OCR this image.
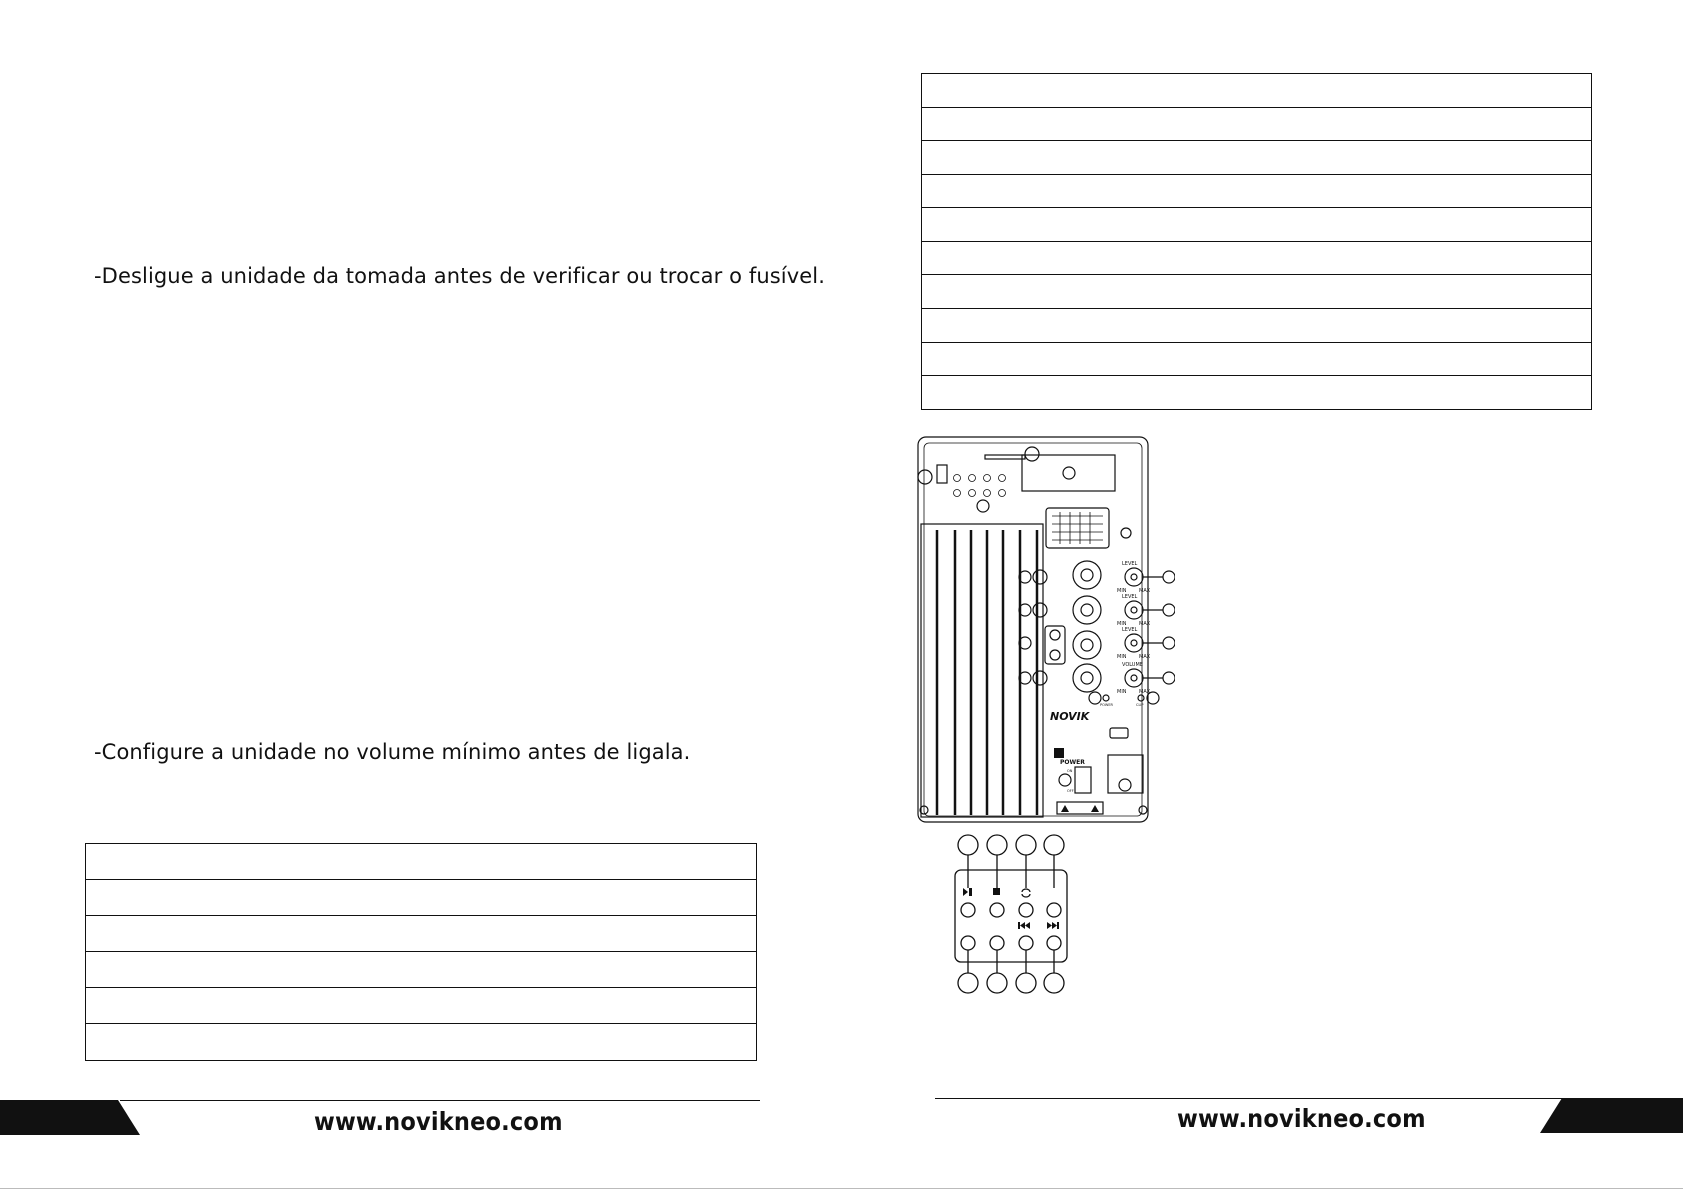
-Desligue a unidade da tomada antes de verificar ou trocar o fusível.
-Configure a unidade no volume mínimo antes de ligala.
www.novikneo.com
LEVEL
LEVEL
LEVEL
VOLUME
MIN MAX
MIN MAX
MIN MAX
MIN MAX
POWER	CLIP
NOVIK
POWER
ON
OFF
www.novikneo.com
